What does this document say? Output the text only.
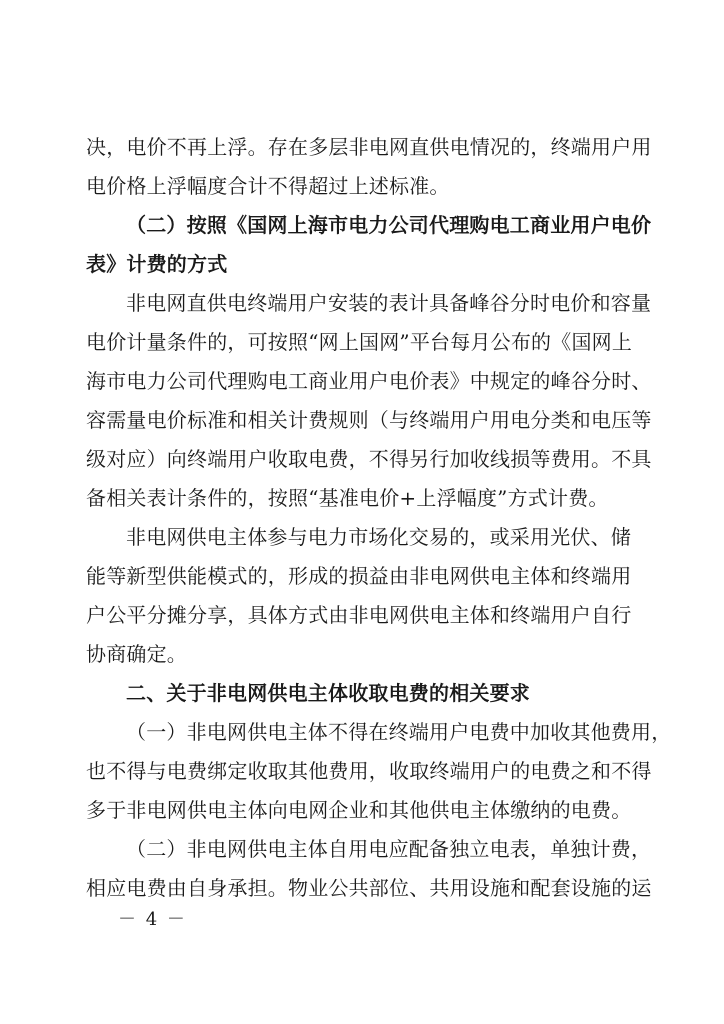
决，电价不再上浮。存在多层非电网直供电情况的，终端用户用
电价格上浮幅度合计不得超过上述标准。
（二）按照《国网上海市电力公司代理购电工商业用户电价
表》计费的方式
非电网直供电终端用户安装的表计具备峰谷分时电价和容量
电价计量条件的，可按照“网上国网”平台每月公布的《国网上
海市电力公司代理购电工商业用户电价表》中规定的峰谷分时、
容需量电价标准和相关计费规则（与终端用户用电分类和电压等
级对应）向终端用户收取电费，不得另行加收线损等费用。不具
备相关表计条件的，按照“基准电价+上浮幅度”方式计费。
非电网供电主体参与电力市场化交易的，或采用光伏、储
能等新型供能模式的，形成的损益由非电网供电主体和终端用
户公平分摊分享，具体方式由非电网供电主体和终端用户自行
协商确定。
二、关于非电网供电主体收取电费的相关要求
（一）非电网供电主体不得在终端用户电费中加收其他费用，
也不得与电费绑定收取其他费用，收取终端用户的电费之和不得
多于非电网供电主体向电网企业和其他供电主体缴纳的电费。
（二）非电网供电主体自用电应配备独立电表，单独计费，
相应电费由自身承担。物业公共部位、共用设施和配套设施的运
－ 4 －
